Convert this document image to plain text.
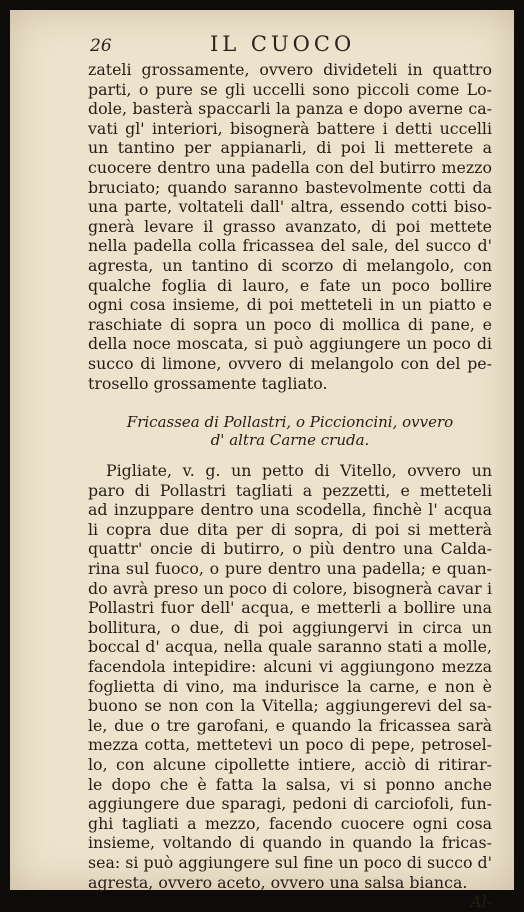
26	IL CUOCO
zateli grossamente, ovvero divideteli in quattro
parti, o pure se gli uccelli sono piccoli come Lo-
dole, basterà spaccarli la panza e dopo averne ca-
vati gl' interiori, bisognerà battere i detti uccelli
un tantino per appianarli, di poi li metterete a
cuocere dentro una padella con del butirro mezzo
bruciato; quando saranno bastevolmente cotti da
una parte, voltateli dall' altra, essendo cotti biso-
gnerà levare il grasso avanzato, di poi mettete
nella padella colla fricassea del sale, del succo d'
agresta, un tantino di scorzo di melangolo, con
qualche foglia di lauro, e fate un poco bollire
ogni cosa insieme, di poi metteteli in un piatto e
raschiate di sopra un poco di mollica di pane, e
della noce moscata, si può aggiungere un poco di
succo di limone, ovvero di melangolo con del pe-
trosello grossamente tagliato.
Fricassea di Pollastri, o Piccioncini, ovvero
d' altra Carne cruda.
Pigliate, v. g. un petto di Vitello, ovvero un
paro di Pollastri tagliati a pezzetti, e metteteli
ad inzuppare dentro una scodella, finchè l' acqua
li copra due dita per di sopra, di poi si metterà
quattr' oncie di butirro, o più dentro una Calda-
rina sul fuoco, o pure dentro una padella; e quan-
do avrà preso un poco di colore, bisognerà cavar i
Pollastri fuor dell' acqua, e metterli a bollire una
bollitura, o due, di poi aggiungervi in circa un
boccal d' acqua, nella quale saranno stati a molle,
facendola intepidire: alcuni vi aggiungono mezza
foglietta di vino, ma indurisce la carne, e non è
buono se non con la Vitella; aggiungerevi del sa-
le, due o tre garofani, e quando la fricassea sarà
mezza cotta, mettetevi un poco di pepe, petrosel-
lo, con alcune cipollette intiere, acciò di ritirar-
le dopo che è fatta la salsa, vi si ponno anche
aggiungere due sparagi, pedoni di carciofoli, fun-
ghi tagliati a mezzo, facendo cuocere ogni cosa
insieme, voltando di quando in quando la fricas-
sea: si può aggiungere sul fine un poco di succo d'
agresta, ovvero aceto, ovvero una salsa bianca.
Al-
